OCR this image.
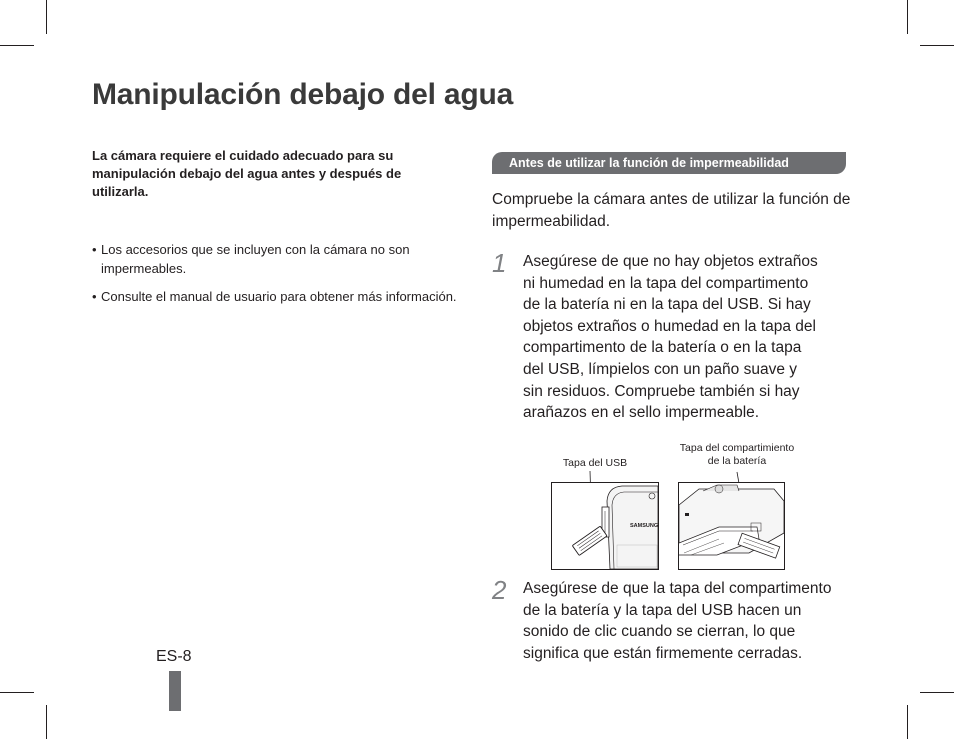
Manipulación debajo del agua

La cámara requiere el cuidado adecuado para su manipulación debajo del agua antes y después de utilizarla.

• Los accesorios que se incluyen con la cámara no son impermeables.
• Consulte el manual de usuario para obtener más información.
Antes de utilizar la función de impermeabilidad

Compruebe la cámara antes de utilizar la función de impermeabilidad.

1 Asegúrese de que no hay objetos extraños
ni humedad en la tapa del compartimento
de la batería ni en la tapa del USB. Si hay
objetos extraños o humedad en la tapa del
compartimento de la batería o en la tapa
del USB, límpielos con un paño suave y
sin residuos. Compruebe también si hay
arañazos en el sello impermeable.

Tapa del USB
Tapa del compartimiento
de la batería
SAMSUNG
2 Asegúrese de que la tapa del compartimento
de la batería y la tapa del USB hacen un
sonido de clic cuando se cierran, lo que
significa que están firmemente cerradas.

ES-8
